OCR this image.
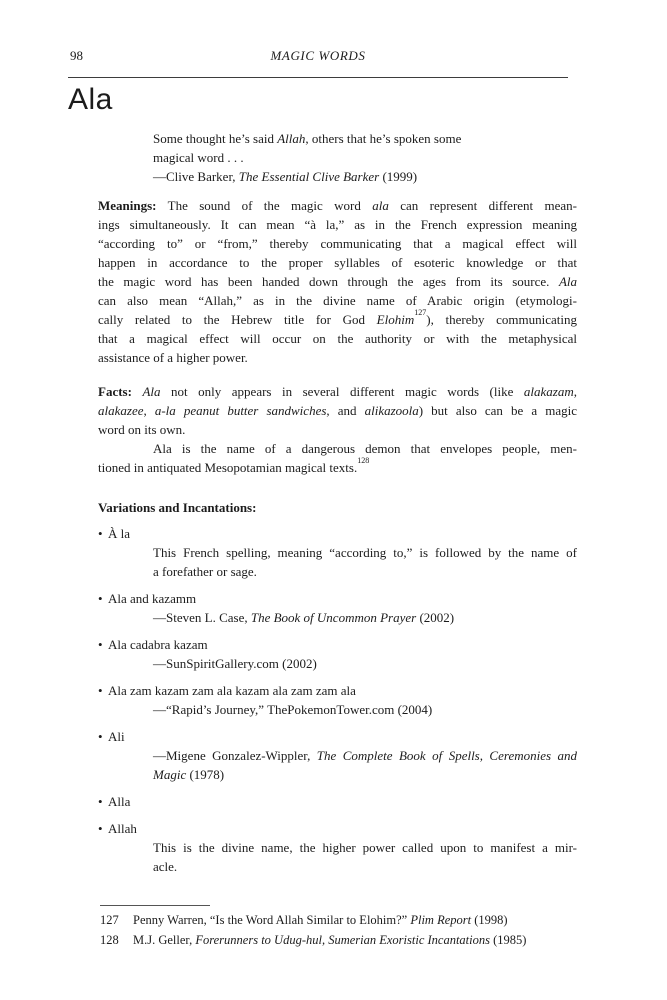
98	MAGIC WORDS
Ala
Some thought he’s said Allah, others that he’s spoken some
magical word . . .
—Clive Barker, The Essential Clive Barker (1999)
Meanings: The sound of the magic word ala can represent different mean-
ings simultaneously. It can mean “à la,” as in the French expression meaning
“according to” or “from,” thereby communicating that a magical effect will
happen in accordance to the proper syllables of esoteric knowledge or that
the magic word has been handed down through the ages from its source. Ala
can also mean “Allah,” as in the divine name of Arabic origin (etymologi-
cally related to the Hebrew title for God Elohim$^{127}$), thereby communicating
that a magical effect will occur on the authority or with the metaphysical
assistance of a higher power.
Facts: Ala not only appears in several different magic words (like alakazam,
alakazee, a-la peanut butter sandwiches, and alikazoola) but also can be a magic
word on its own.
Ala is the name of a dangerous demon that envelopes people, men-
tioned in antiquated Mesopotamian magical texts.$^{128}$
Variations and Incantations:
• À la
This French spelling, meaning “according to,” is followed by the name of
a forefather or sage.
• Ala and kazamm
—Steven L. Case, The Book of Uncommon Prayer (2002)
• Ala cadabra kazam
—SunSpiritGallery.com (2002)
• Ala zam kazam zam ala kazam ala zam zam ala
—“Rapid’s Journey,” ThePokemonTower.com (2004)
• Ali
—Migene Gonzalez-Wippler, The Complete Book of Spells, Ceremonies and
Magic (1978)
• Alla
• Allah
This is the divine name, the higher power called upon to manifest a mir-
acle.
127	Penny Warren, “Is the Word Allah Similar to Elohim?” Plim Report (1998)
128	M.J. Geller, Forerunners to Udug-hul, Sumerian Exoristic Incantations (1985)
